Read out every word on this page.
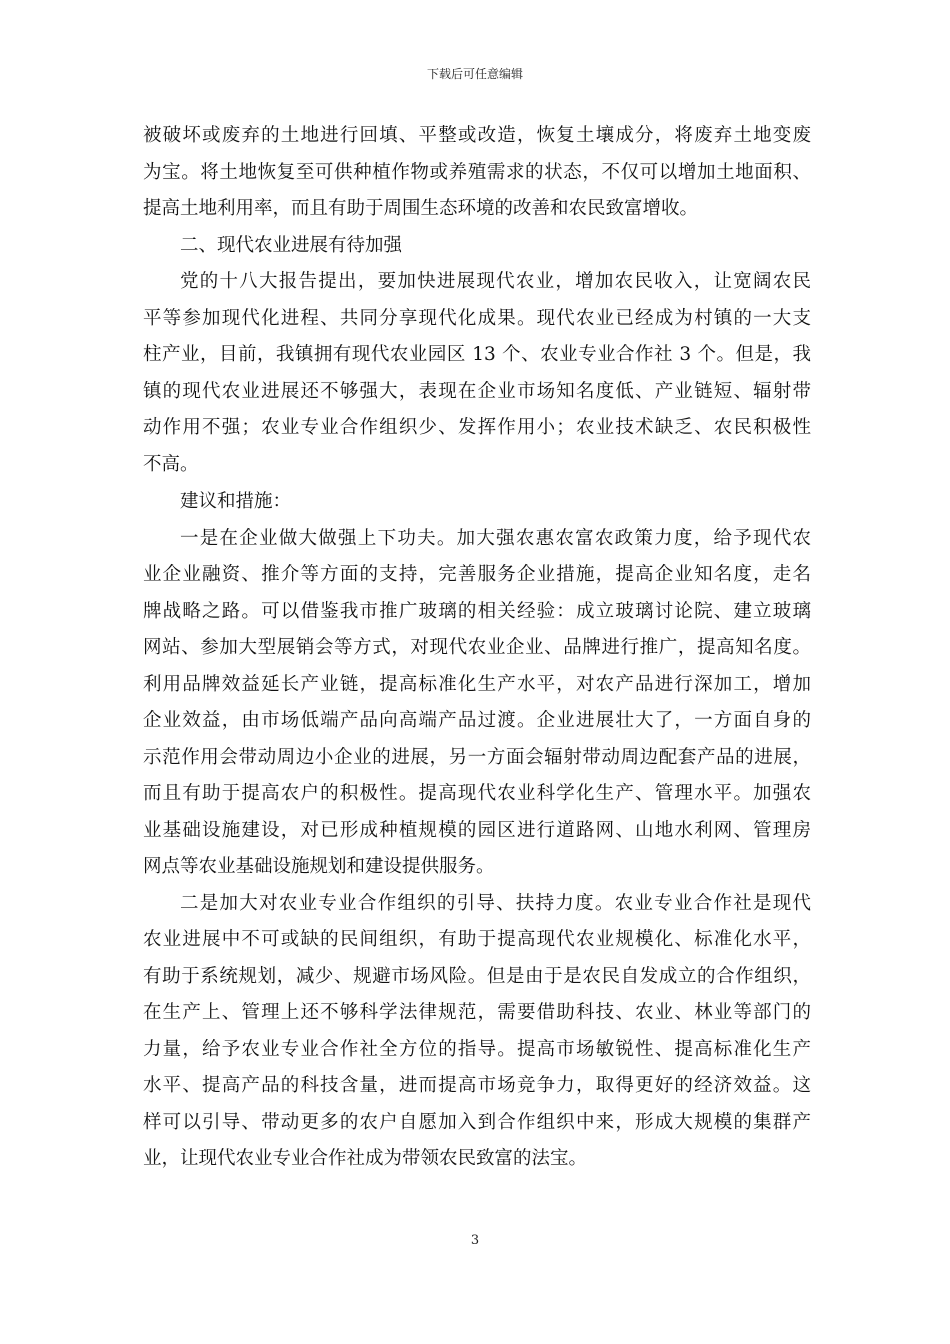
下载后可任意编辑
被破坏或废弃的土地进行回填、平整或改造，恢复土壤成分，将废弃土地变废
为宝。将土地恢复至可供种植作物或养殖需求的状态，不仅可以增加土地面积、
提高土地利用率，而且有助于周围生态环境的改善和农民致富增收。
二、现代农业进展有待加强
党的十八大报告提出，要加快进展现代农业，增加农民收入，让宽阔农民
平等参加现代化进程、共同分享现代化成果。现代农业已经成为村镇的一大支
柱产业，目前，我镇拥有现代农业园区 13 个、农业专业合作社 3 个。但是，我
镇的现代农业进展还不够强大，表现在企业市场知名度低、产业链短、辐射带
动作用不强；农业专业合作组织少、发挥作用小；农业技术缺乏、农民积极性
不高。
建议和措施：
一是在企业做大做强上下功夫。加大强农惠农富农政策力度，给予现代农
业企业融资、推介等方面的支持，完善服务企业措施，提高企业知名度，走名
牌战略之路。可以借鉴我市推广玻璃的相关经验：成立玻璃讨论院、建立玻璃
网站、参加大型展销会等方式，对现代农业企业、品牌进行推广，提高知名度。
利用品牌效益延长产业链，提高标准化生产水平，对农产品进行深加工，增加
企业效益，由市场低端产品向高端产品过渡。企业进展壮大了，一方面自身的
示范作用会带动周边小企业的进展，另一方面会辐射带动周边配套产品的进展，
而且有助于提高农户的积极性。提高现代农业科学化生产、管理水平。加强农
业基础设施建设，对已形成种植规模的园区进行道路网、山地水利网、管理房
网点等农业基础设施规划和建设提供服务。
二是加大对农业专业合作组织的引导、扶持力度。农业专业合作社是现代
农业进展中不可或缺的民间组织，有助于提高现代农业规模化、标准化水平，
有助于系统规划，减少、规避市场风险。但是由于是农民自发成立的合作组织，
在生产上、管理上还不够科学法律规范，需要借助科技、农业、林业等部门的
力量，给予农业专业合作社全方位的指导。提高市场敏锐性、提高标准化生产
水平、提高产品的科技含量，进而提高市场竞争力，取得更好的经济效益。这
样可以引导、带动更多的农户自愿加入到合作组织中来，形成大规模的集群产
业，让现代农业专业合作社成为带领农民致富的法宝。
3
